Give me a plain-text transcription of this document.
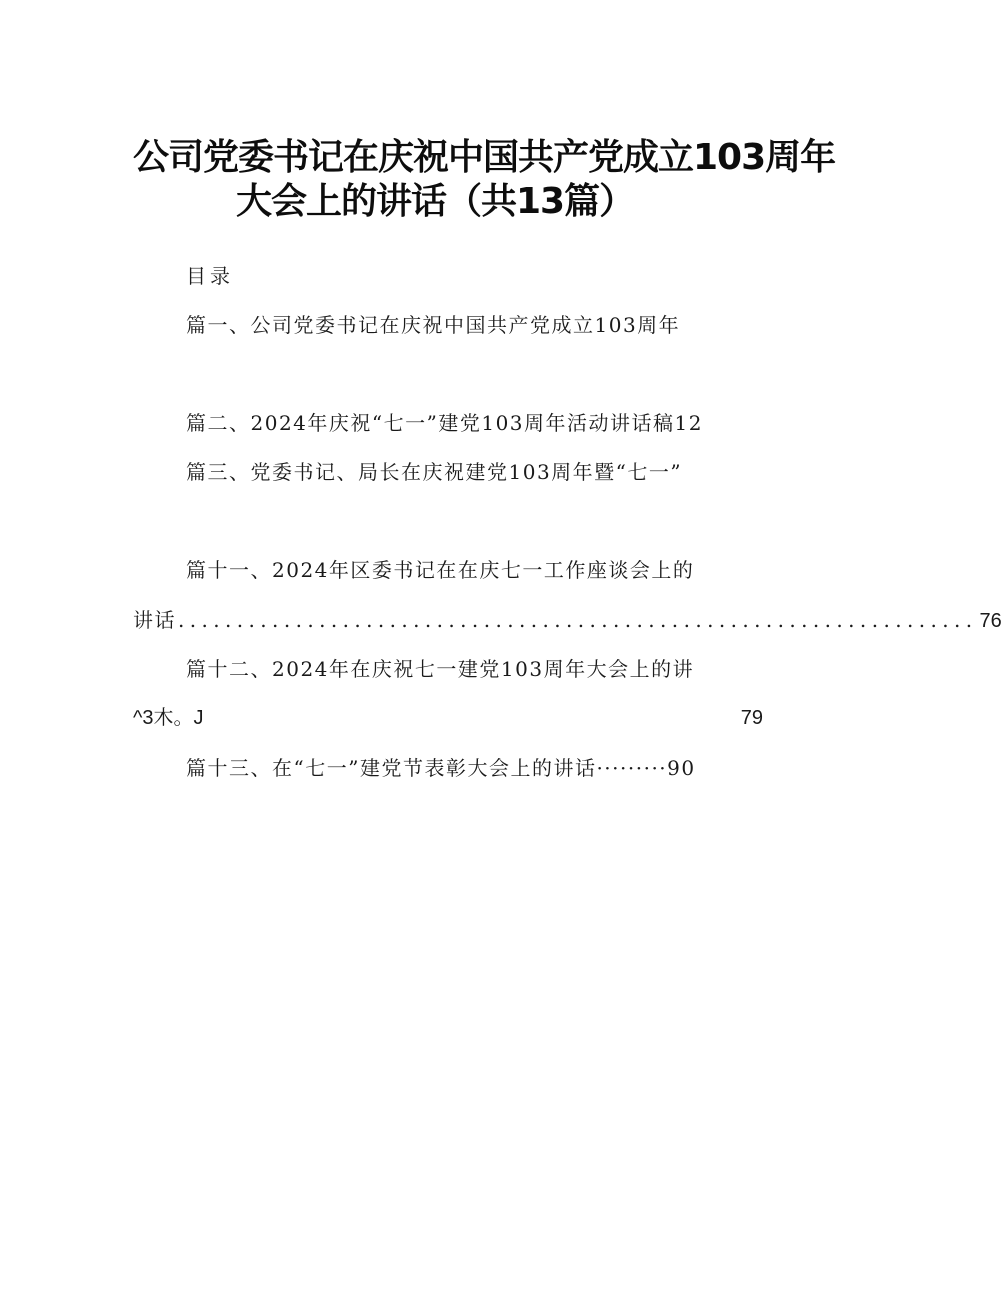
公司党委书记在庆祝中国共产党成立103周年
大会上的讲话（共13篇）
目录
篇一、公司党委书记在庆祝中国共产党成立103周年
篇二、2024年庆祝“七一”建党103周年活动讲话稿12
篇三、党委书记、局长在庆祝建党103周年暨“七一”
篇十一、2024年区委书记在在庆七一工作座谈会上的
讲话 .................................................................... 76
篇十二、2024年在庆祝七一建党103周年大会上的讲
^3木。J	79
篇十三、在“七一”建党节表彰大会上的讲话·········90
